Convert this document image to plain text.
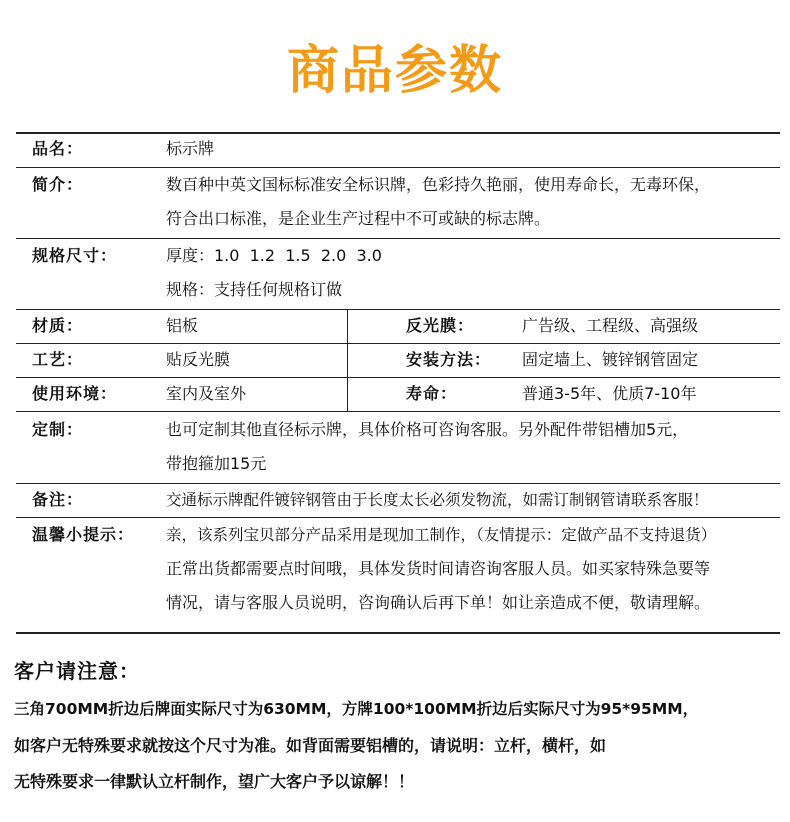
商品参数
品名：	标示牌
简介：	数百种中英文国标标准安全标识牌，色彩持久艳丽，使用寿命长，无毒环保，
符合出口标准，是企业生产过程中不可或缺的标志牌。
规格尺寸：	厚度：1.0  1.2  1.5  2.0  3.0
规格：支持任何规格订做
材质：	铝板	反光膜：	广告级、工程级、高强级
工艺：	贴反光膜	安装方法： 固定墙上、镀锌钢管固定
使用环境：	室内及室外	寿命：	普通3-5年、优质7-10年
定制：	也可定制其他直径标示牌，具体价格可咨询客服。另外配件带铝槽加5元，
带抱箍加15元
备注：	交通标示牌配件镀锌钢管由于长度太长必须发物流，如需订制钢管请联系客服！
温馨小提示： 亲，该系列宝贝部分产品采用是现加工制作，（友情提示：定做产品不支持退货）
正常出货都需要点时间哦，具体发货时间请咨询客服人员。如买家特殊急要等
情况，请与客服人员说明，咨询确认后再下单！如让亲造成不便，敬请理解。
客户请注意：
三角700MM折边后牌面实际尺寸为630MM，方牌100*100MM折边后实际尺寸为95*95MM，
如客户无特殊要求就按这个尺寸为准。如背面需要铝槽的，请说明：立杆，横杆，如
无特殊要求一律默认立杆制作，望广大客户予以谅解！！
